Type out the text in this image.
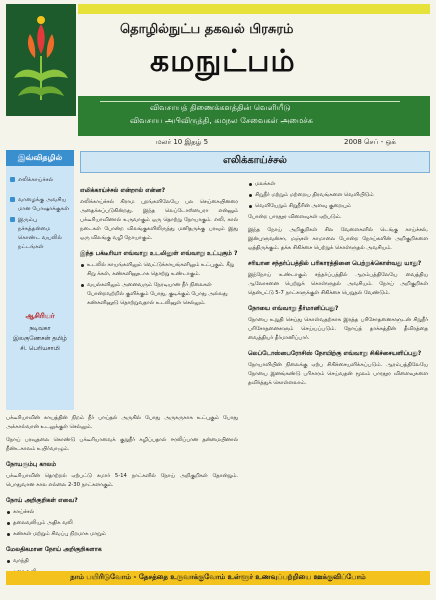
தொழில்நுட்ப தகவல் பிரசுரம்
கமநுட்பம்
விவசாயத் திணைக்களத்தின் வெளியீடு
விவசாய அபிவிருத்தி, கமநல சேவைகள் அமைச்சு
மலர் 10 இதழ் 5	2008 செப் - ஒக்
இவ்விதழில்
எலிக்காய்ச்சல்
வாழைக்கு அவசிய மான போஷாக்குகள்
இரும்பு நச்சுத்தன்மை கொண்ட வயலில் நட்டங்கள்
ஆசிரியர்
நடிவகா இலகுணேசன் தமிழ் சி. பெரியசாமி
எலிக்காய்ச்சல்
எலிக்காய்ச்சல் என்றால் என்ன?
எலிக்காய்ச்சல் கிராம புறங்களிலேயே பல செய்கையினரை அதைக்கப்படுகின்றது. இந்த லெப்டோஸ்பைரா என்னும் பக்டீரியாவினால் உருவாகும் ஒரு தொற்று நோயாகும். எலி, கால் நடைகள் போன்ற விலங்குகளிலிருந்து மனிதருக்கு பரவும் இது ஒரு விலங்கு வழி நோயாகும்.
இந்த பக்டீரியா எவ்வாறு உடலினுள் எவ்வாறு உட்புகும் ?
உடலில் காயங்களிலும் வெட்டுக்காயங்களிலும் உட்புகும். கீறு சிறு க்கள், கண்களினூடாக தொற்று உண்டாகும்.
வயல்களிலும் அனைவரும் நேரடியான நீர் நிலைகள் போன்றவற்றில் குளிக்கும் போது, குடிக்கும் போது அல்லது கண்களினூடு தொற்றுவதால் உடலினுள் செல்லும்.
மலக்கள்
சிறுநீர் மற்றும் மற்றைய திரவங்களை வெளியிடும்
வெளியேறும் சிறுநீரின் அளவு குறையும்
போன்ற பாரதூர விளைவுகள் ஏற்படும்.
இந்த நோய் அறிகுறிகள் சில வேளைகளில் டெங்கு காய்ச்சல், இன்புளுவன்சா, மஞ்சள் காமாலை போன்ற நோய்களின் அறிகுறிகளை ஒத்திருக்கும். தக்க சிகிச்சை பெற்றுக் கொள்ளுதல் அவசியம்.
சரியான சந்தர்ப்பத்தில் பரிகாரத்தினை பெற்றுக்கொள்வது யாது?
இந்நோய் உண்டாகும் சந்தர்ப்பத்தில் ஆரம்பத்திலேயே வைத்திய ஆலோசனை பெற்றுக் கொள்ளுதல் அவசியம். நோய் அறிகுறிகள் தென்பட்டு 5-7 நாட்களுக்குள் சிகிச்சை பெறுதல் வேண்டும்.
நோயை எவ்வாறு தீர்மானிப்பது?
நோயை உறுதி செய்து கொள்வதற்காக இரத்த பரிசோதனைகளுடன் சிறுநீர் பரிசோதனைகளும் செய்யப்படும். நோய்த் தாக்கத்தின் தீவிரத்தை வைத்தியர் தீர்மானிப்பார்.
லெப்டோஸ்பைரோசிஸ் நோயிற்கு எவ்வாறு சிகிச்சையளிப்பது?
நோயாளியின் நிலைக்கு ஏற்ப சிகிச்சையளிக்கப்படும். ஆரம்பத்திலேயே நோயை இனங்கண்டு பரிகாரம் செய்வதன் மூலம் பாரதூர விளைவுகளை தவிர்த்துக் கொள்ளலாம்.
பக்டீரியாவின் காயத்தின் நிறம் நீர் பாய்தல் அருகில் போது அருகருகாக உட்புகும் போது அக்கால்வான் உடலுக்குள் செல்லும்.
நோய் பரவுதலை கொண்டு பக்டீரியாவைக் குறுநீர் கழிப்பதால் ஈரலிப்பான தன்மையினால் நீண்டகாலம் உயிர்வாழும்.
நோயரும்பு காலம்
பக்டீரியாவின் தொற்றல் ஏற்பட்டு சுமார் 5-14 நாட்களில் நோய் அறிகுறிகள் தோன்றும். பொதுவான கால எல்லை 2-30 நாட்களாகும்.
நோய் அறிகுறிகள் எவை?
காய்ச்சல்
தலைவலியும் அதிக வலி
கண்கள் மற்றும் சிவப்பு நிறமாக மாறும்
மேலதிகமான நோய் அறிகுறிகளாக
வாந்தி
நாம் பயிரிடுவோம் - தேசத்தை உருவாக்குவோம் உள்ளூர் உணவுப்பற்றியை ஊக்குவிப்போம்
